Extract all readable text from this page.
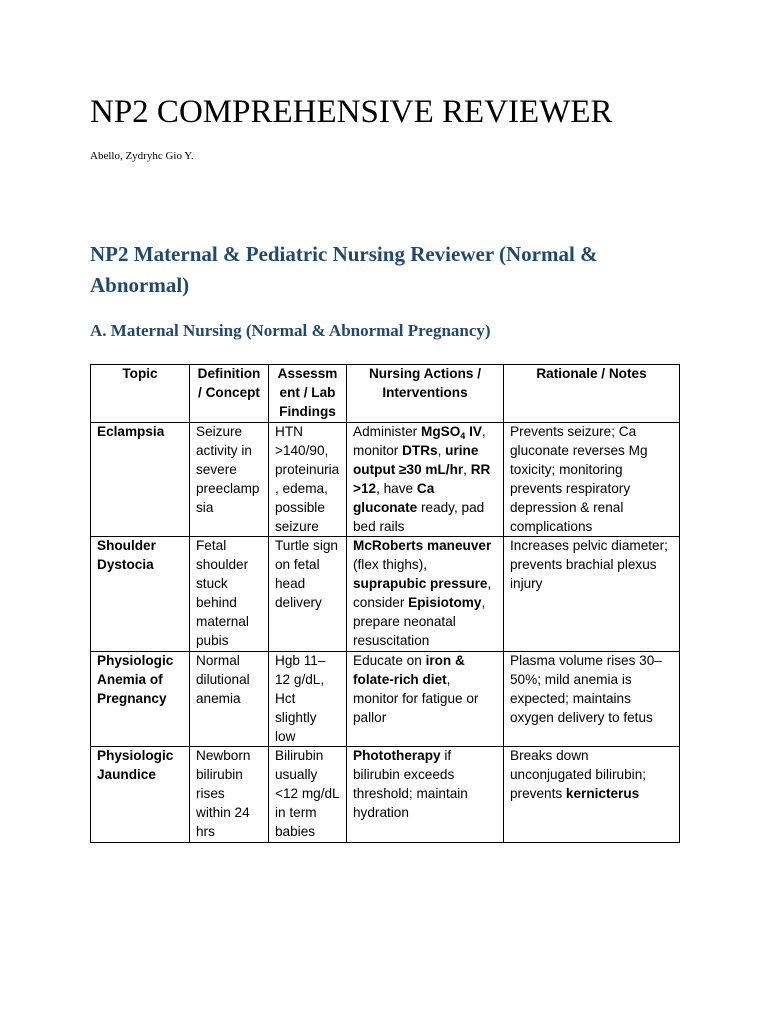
NP2 COMPREHENSIVE REVIEWER

Abello, Zydryhc Gio Y.

NP2 Maternal & Pediatric Nursing Reviewer (Normal & Abnormal)
A. Maternal Nursing (Normal & Abnormal Pregnancy)
Topic	Definition / Concept	Assessment / Lab Findings	Nursing Actions / Interventions	Rationale / Notes
Eclampsia	Seizure activity in severe preeclampsia	HTN >140/90, proteinuria, edema, possible seizure	Administer MgSO$_4$ IV, monitor DTRs, urine output ≥30 mL/hr, RR >12, have Ca gluconate ready, pad bed rails	Prevents seizure; Ca gluconate reverses Mg toxicity; monitoring prevents respiratory depression & renal complications
Shoulder Dystocia	Fetal shoulder stuck behind maternal pubis	Turtle sign on fetal head delivery	McRoberts maneuver (flex thighs), suprapubic pressure, consider Episiotomy, prepare neonatal resuscitation	Increases pelvic diameter; prevents brachial plexus injury
Physiologic Anemia of Pregnancy	Normal dilutional anemia	Hgb 11–12 g/dL, Hct slightly low	Educate on iron & folate-rich diet, monitor for fatigue or pallor	Plasma volume rises 30–50%; mild anemia is expected; maintains oxygen delivery to fetus
Physiologic Jaundice	Newborn bilirubin rises within 24 hrs	Bilirubin usually <12 mg/dL in term babies	Phototherapy if bilirubin exceeds threshold; maintain hydration	Breaks down unconjugated bilirubin; prevents kernicterus
